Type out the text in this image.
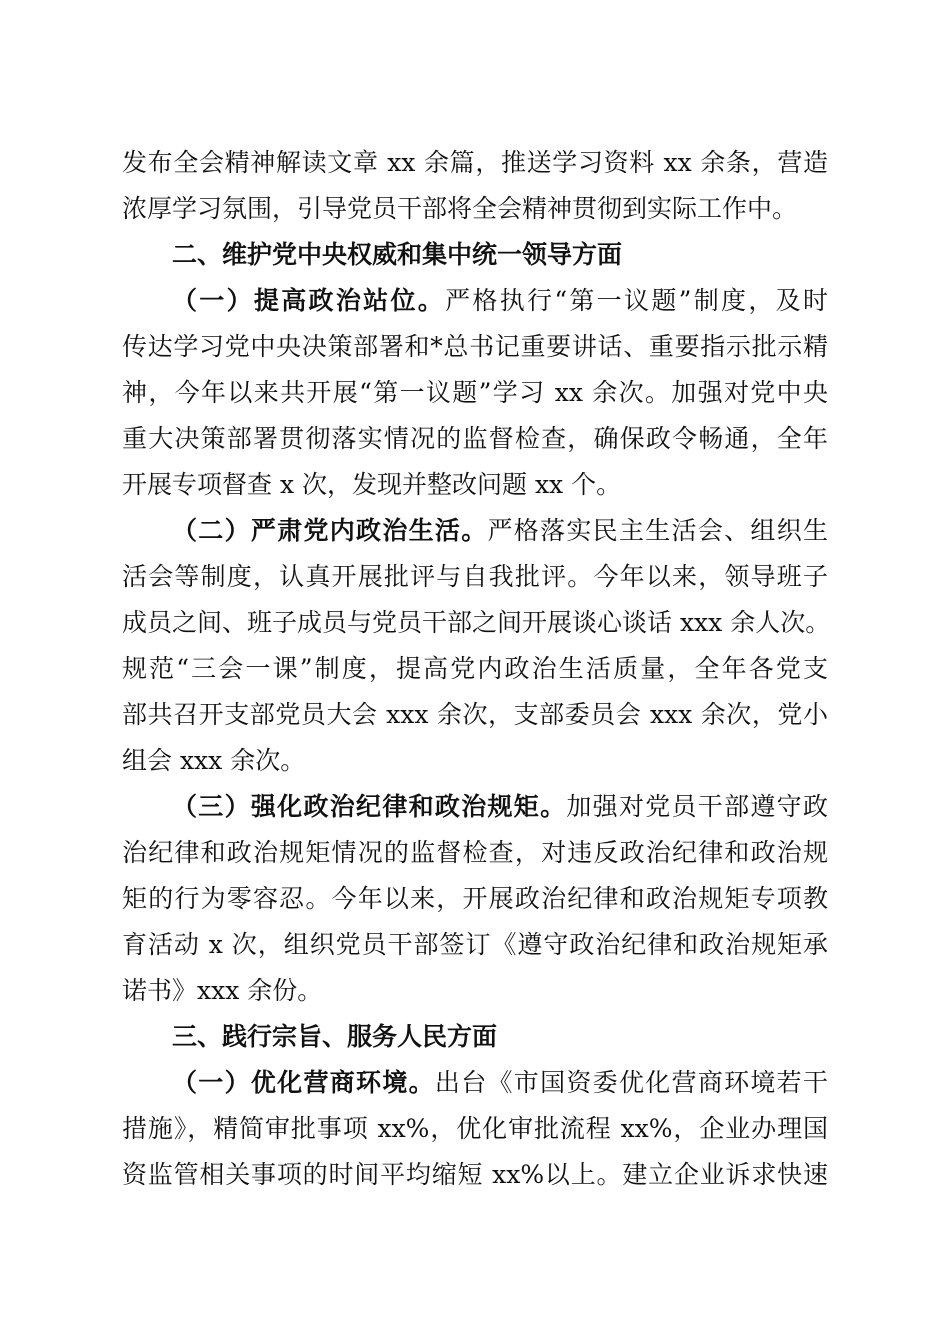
发布全会精神解读文章 xx 余篇，推送学习资料 xx 余条，营造
浓厚学习氛围，引导党员干部将全会精神贯彻到实际工作中。
二、维护党中央权威和集中统一领导方面
（一）提高政治站位。严格执行“第一议题”制度，及时
传达学习党中央决策部署和*总书记重要讲话、重要指示批示精
神，今年以来共开展“第一议题”学习 xx 余次。加强对党中央
重大决策部署贯彻落实情况的监督检查，确保政令畅通，全年
开展专项督查 x 次，发现并整改问题 xx 个。
（二）严肃党内政治生活。严格落实民主生活会、组织生
活会等制度，认真开展批评与自我批评。今年以来，领导班子
成员之间、班子成员与党员干部之间开展谈心谈话 xxx 余人次。
规范“三会一课”制度，提高党内政治生活质量，全年各党支
部共召开支部党员大会 xxx 余次，支部委员会 xxx 余次，党小
组会 xxx 余次。
（三）强化政治纪律和政治规矩。加强对党员干部遵守政
治纪律和政治规矩情况的监督检查，对违反政治纪律和政治规
矩的行为零容忍。今年以来，开展政治纪律和政治规矩专项教
育活动 x 次，组织党员干部签订《遵守政治纪律和政治规矩承
诺书》xxx 余份。
三、践行宗旨、服务人民方面
（一）优化营商环境。出台《市国资委优化营商环境若干
措施》，精简审批事项 xx%，优化审批流程 xx%，企业办理国
资监管相关事项的时间平均缩短 xx%以上。建立企业诉求快速
